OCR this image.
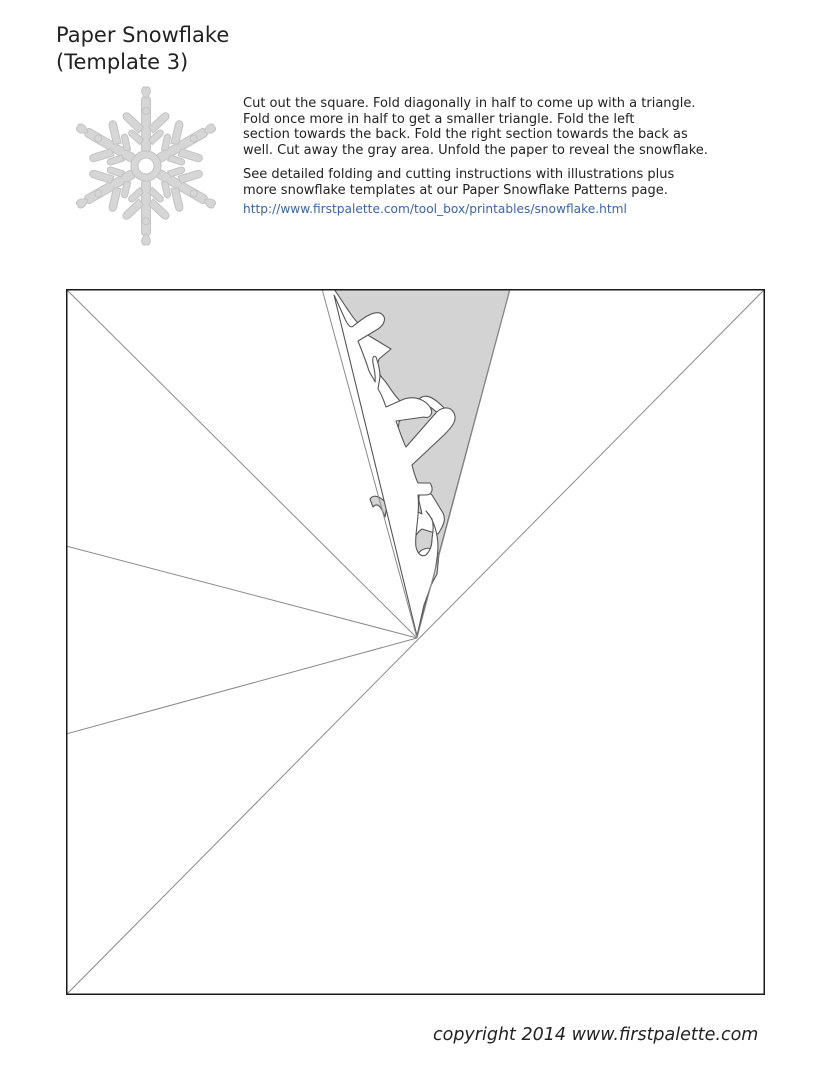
Paper Snowflake
(Template 3)

Cut out the square. Fold diagonally in half to come up with a triangle.
Fold once more in half to get a smaller triangle. Fold the left
section towards the back. Fold the right section towards the back as
well. Cut away the gray area. Unfold the paper to reveal the snowflake.

See detailed folding and cutting instructions with illustrations plus
more snowflake templates at our Paper Snowflake Patterns page.

http://www.firstpalette.com/tool_box/printables/snowflake.html
copyright 2014 www.firstpalette.com
